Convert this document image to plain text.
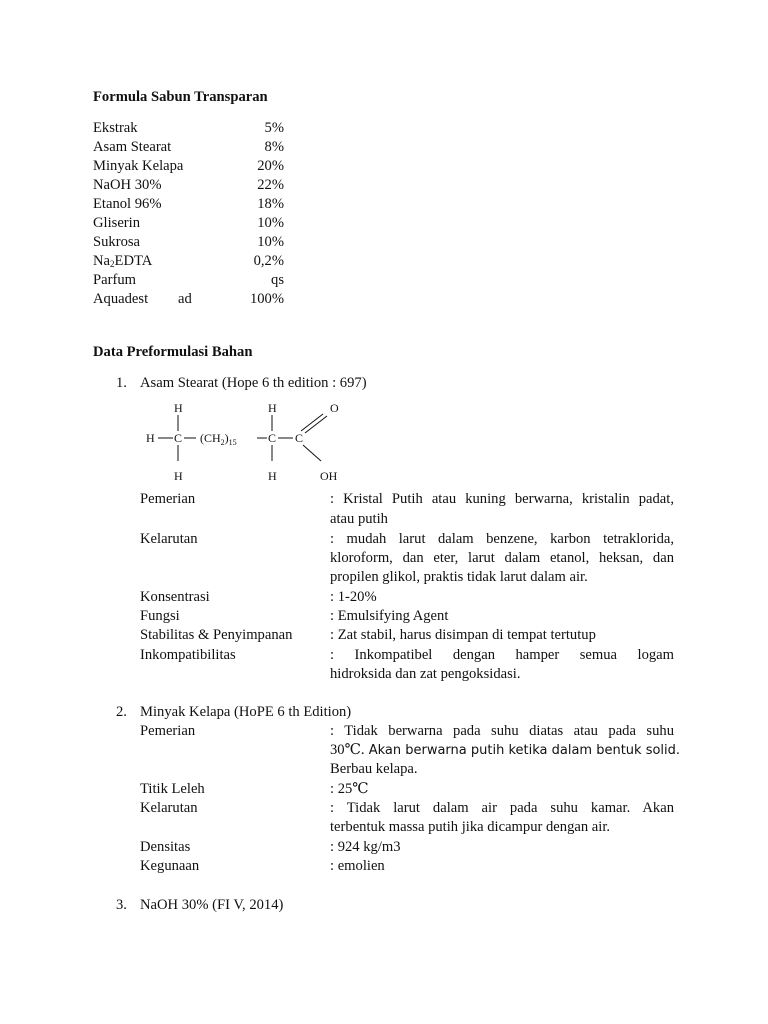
Formula Sabun Transparan
Ekstrak	5%
Asam Stearat	8%
Minyak Kelapa	20%
NaOH 30%	22%
Etanol 96%	18%
Gliserin	10%
Sukrosa	10%
$Na_2EDTA$	0,2%
Parfum	qs
Aquadest ad	100%
Data Preformulasi Bahan
1. Asam Stearat (Hope 6 th edition : 697)
H	H
H C $(CH_2)_{15}$	C C
O
H	H	OH
Pemerian	: Kristal Putih atau kuning berwarna, kristalin padat,
atau putih
Kelarutan	: mudah larut dalam benzene, karbon tetraklorida,
kloroform, dan eter, larut dalam etanol, heksan, dan
propilen glikol, praktis tidak larut dalam air.
Konsentrasi	: 1-20%
Fungsi	: Emulsifying Agent
Stabilitas & Penyimpanan	: Zat stabil, harus disimpan di tempat tertutup
Inkompatibilitas	: Inkompatibel dengan hamper semua logam
hidroksida dan zat pengoksidasi.
2. Minyak Kelapa (HoPE 6 th Edition)
Pemerian	: Tidak berwarna pada suhu diatas atau pada suhu
30℃. Akan berwarna putih ketika dalam bentuk solid.
Berbau kelapa.
Titik Leleh	: 25℃
Kelarutan	: Tidak larut dalam air pada suhu kamar. Akan
terbentuk massa putih jika dicampur dengan air.
Densitas	: 924 kg/m3
Kegunaan	: emolien
3. NaOH 30% (FI V, 2014)
